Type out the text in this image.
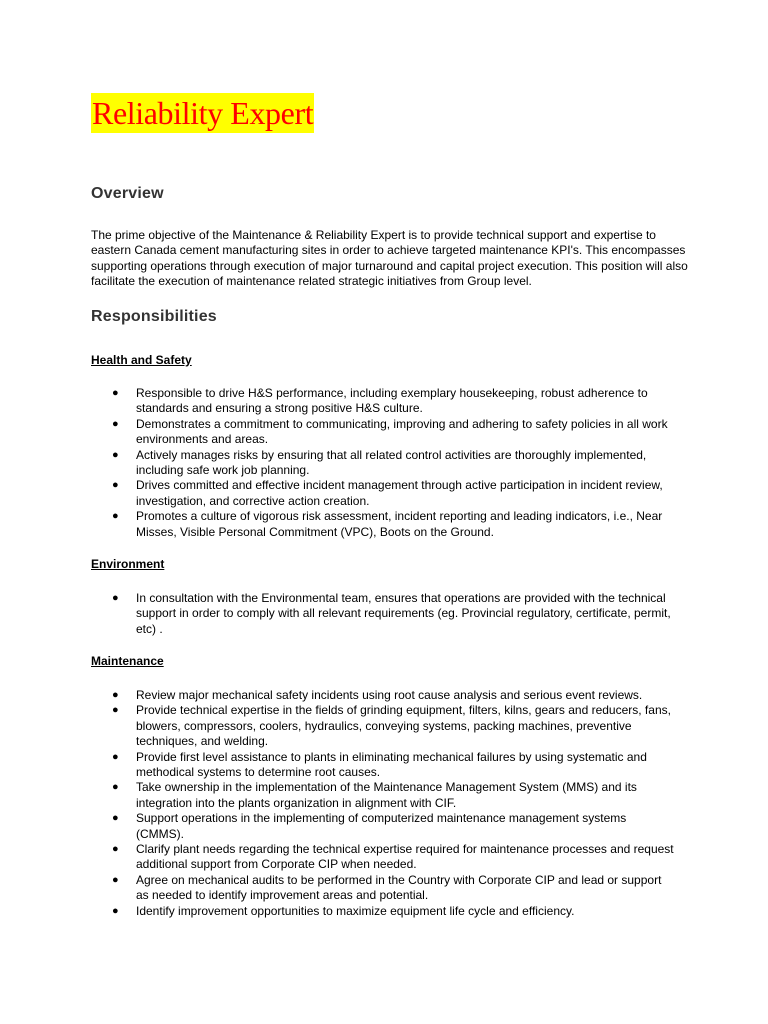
Reliability Expert
Overview

The prime objective of the Maintenance & Reliability Expert is to provide technical support and expertise to eastern Canada cement manufacturing sites in order to achieve targeted maintenance KPI's. This encompasses supporting operations through execution of major turnaround and capital project execution. This position will also facilitate the execution of maintenance related strategic initiatives from Group level.

Responsibilities
Health and Safety
● Responsible to drive H&S performance, including exemplary housekeeping, robust adherence to standards and ensuring a strong positive H&S culture.
● Demonstrates a commitment to communicating, improving and adhering to safety policies in all work environments and areas.
● Actively manages risks by ensuring that all related control activities are thoroughly implemented, including safe work job planning.
● Drives committed and effective incident management through active participation in incident review, investigation, and corrective action creation.
● Promotes a culture of vigorous risk assessment, incident reporting and leading indicators, i.e., Near Misses, Visible Personal Commitment (VPC), Boots on the Ground.
Environment
● In consultation with the Environmental team, ensures that operations are provided with the technical support in order to comply with all relevant requirements (eg. Provincial regulatory, certificate, permit, etc) .
Maintenance
● Review major mechanical safety incidents using root cause analysis and serious event reviews.
● Provide technical expertise in the fields of grinding equipment, filters, kilns, gears and reducers, fans, blowers, compressors, coolers, hydraulics, conveying systems, packing machines, preventive techniques, and welding.
● Provide first level assistance to plants in eliminating mechanical failures by using systematic and methodical systems to determine root causes.
● Take ownership in the implementation of the Maintenance Management System (MMS) and its integration into the plants organization in alignment with CIF.
● Support operations in the implementing of computerized maintenance management systems (CMMS).
● Clarify plant needs regarding the technical expertise required for maintenance processes and request additional support from Corporate CIP when needed.
● Agree on mechanical audits to be performed in the Country with Corporate CIP and lead or support as needed to identify improvement areas and potential.
● Identify improvement opportunities to maximize equipment life cycle and efficiency.
